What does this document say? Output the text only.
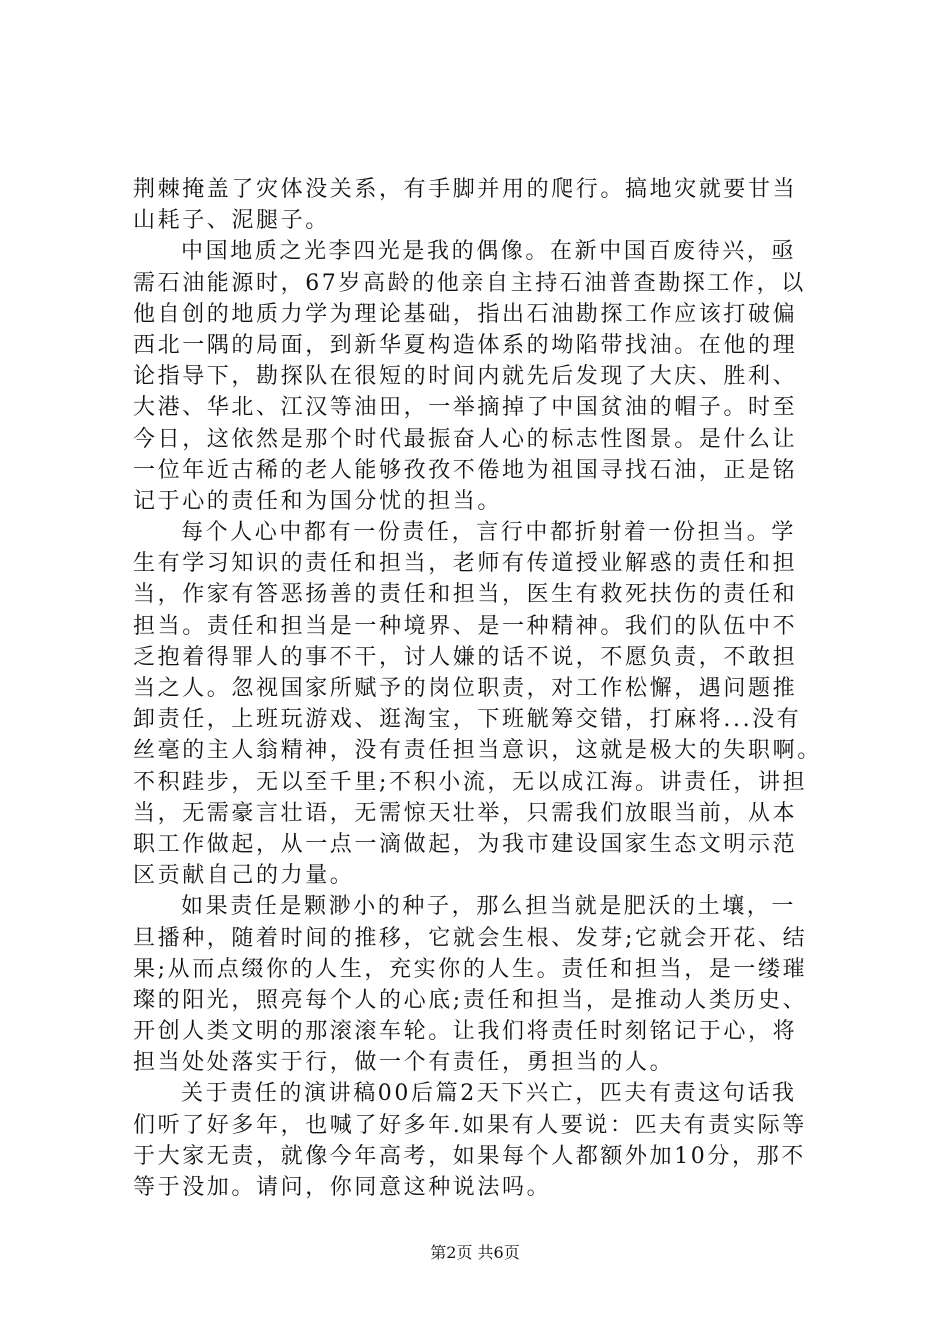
荆棘掩盖了灾体没关系，有手脚并用的爬行。搞地灾就要甘当
山耗子、泥腿子。
中国地质之光李四光是我的偶像。在新中国百废待兴，亟
需石油能源时，67岁高龄的他亲自主持石油普查勘探工作，以
他自创的地质力学为理论基础，指出石油勘探工作应该打破偏
西北一隅的局面，到新华夏构造体系的坳陷带找油。在他的理
论指导下，勘探队在很短的时间内就先后发现了大庆、胜利、
大港、华北、江汉等油田，一举摘掉了中国贫油的帽子。时至
今日，这依然是那个时代最振奋人心的标志性图景。是什么让
一位年近古稀的老人能够孜孜不倦地为祖国寻找石油，正是铭
记于心的责任和为国分忧的担当。
每个人心中都有一份责任，言行中都折射着一份担当。学
生有学习知识的责任和担当，老师有传道授业解惑的责任和担
当，作家有答恶扬善的责任和担当，医生有救死扶伤的责任和
担当。责任和担当是一种境界、是一种精神。我们的队伍中不
乏抱着得罪人的事不干，讨人嫌的话不说，不愿负责，不敢担
当之人。忽视国家所赋予的岗位职责，对工作松懈，遇问题推
卸责任，上班玩游戏、逛淘宝，下班觥筹交错，打麻将...没有
丝毫的主人翁精神，没有责任担当意识，这就是极大的失职啊。
不积跬步，无以至千里;不积小流，无以成江海。讲责任，讲担
当，无需豪言壮语，无需惊天壮举，只需我们放眼当前，从本
职工作做起，从一点一滴做起，为我市建设国家生态文明示范
区贡献自己的力量。
如果责任是颗渺小的种子，那么担当就是肥沃的土壤，一
旦播种，随着时间的推移，它就会生根、发芽;它就会开花、结
果;从而点缀你的人生，充实你的人生。责任和担当，是一缕璀
璨的阳光，照亮每个人的心底;责任和担当，是推动人类历史、
开创人类文明的那滚滚车轮。让我们将责任时刻铭记于心，将
担当处处落实于行，做一个有责任，勇担当的人。
关于责任的演讲稿00后篇2天下兴亡，匹夫有责这句话我
们听了好多年，也喊了好多年.如果有人要说：匹夫有责实际等
于大家无责，就像今年高考，如果每个人都额外加10分，那不
等于没加。请问，你同意这种说法吗。
第2页 共6页
